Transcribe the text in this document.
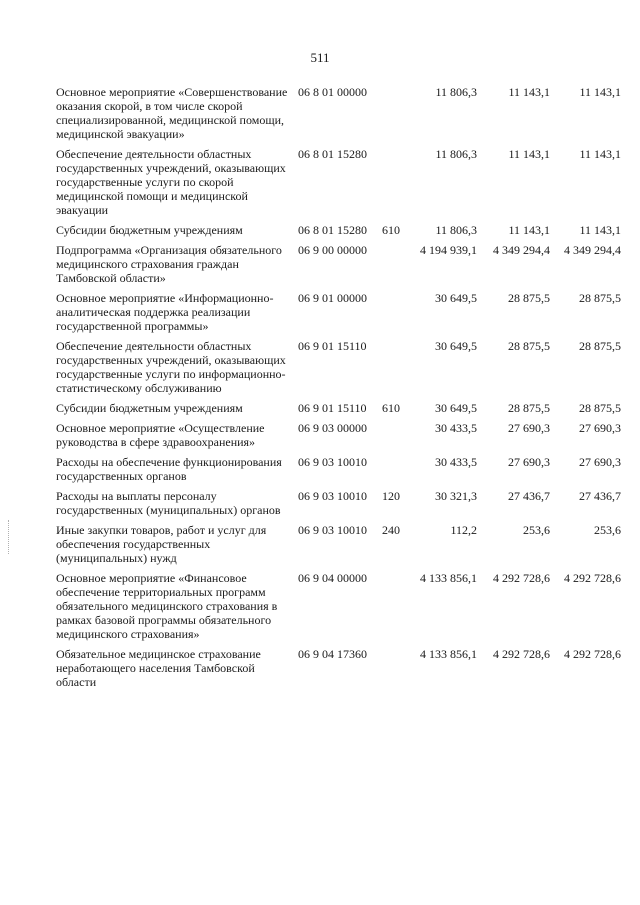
511
Основное мероприятие «Совершенствование оказания скорой, в том числе скорой специализированной, медицинской помощи, медицинской эвакуации»	06 8 01 00000		11 806,3	11 143,1	11 143,1
Обеспечение деятельности областных государственных учреждений, оказывающих государственные услуги по скорой медицинской помощи и медицинской эвакуации	06 8 01 15280		11 806,3	11 143,1	11 143,1
Субсидии бюджетным учреждениям	06 8 01 15280	610	11 806,3	11 143,1	11 143,1
Подпрограмма «Организация обязательного медицинского страхования граждан Тамбовской области»	06 9 00 00000		4 194 939,1	4 349 294,4	4 349 294,4
Основное мероприятие «Информационно-аналитическая поддержка реализации государственной программы»	06 9 01 00000		30 649,5	28 875,5	28 875,5
Обеспечение деятельности областных государственных учреждений, оказывающих государственные услуги по информационно-статистическому обслуживанию	06 9 01 15110		30 649,5	28 875,5	28 875,5
Субсидии бюджетным учреждениям	06 9 01 15110	610	30 649,5	28 875,5	28 875,5
Основное мероприятие «Осуществление руководства в сфере здравоохранения»	06 9 03 00000		30 433,5	27 690,3	27 690,3
Расходы на обеспечение функционирования государственных органов	06 9 03 10010		30 433,5	27 690,3	27 690,3
Расходы на выплаты персоналу государственных (муниципальных) органов	06 9 03 10010	120	30 321,3	27 436,7	27 436,7
Иные закупки товаров, работ и услуг для обеспечения государственных (муниципальных) нужд	06 9 03 10010	240	112,2	253,6	253,6
Основное мероприятие «Финансовое обеспечение территориальных программ обязательного медицинского страхования в рамках базовой программы обязательного медицинского страхования»	06 9 04 00000		4 133 856,1	4 292 728,6	4 292 728,6
Обязательное медицинское страхование неработающего населения Тамбовской области	06 9 04 17360		4 133 856,1	4 292 728,6	4 292 728,6
